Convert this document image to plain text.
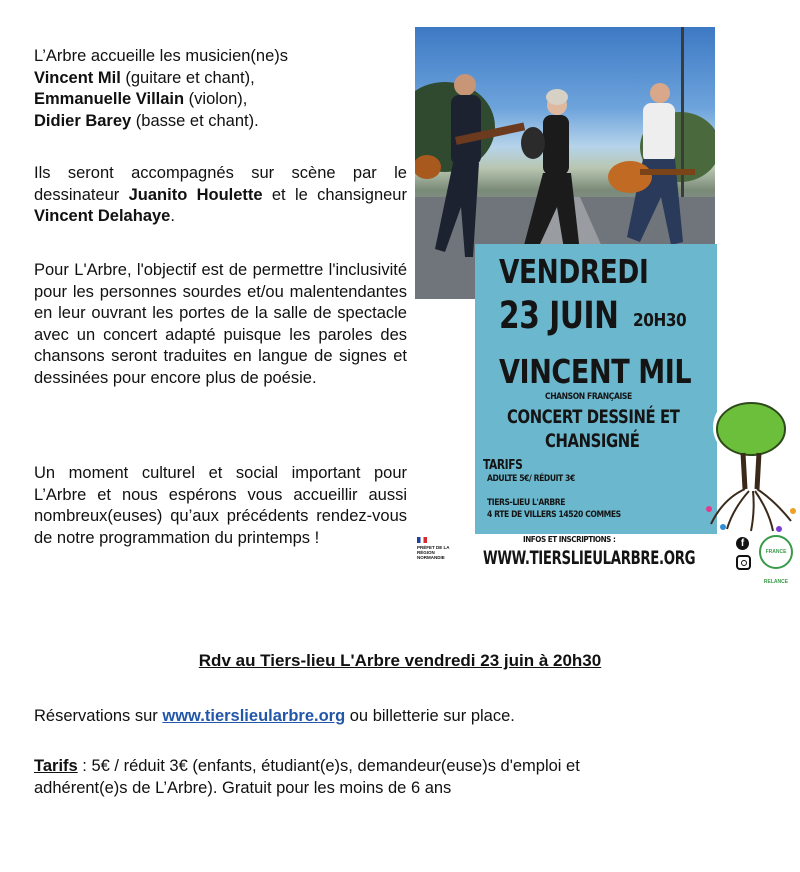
L’Arbre accueille les musicien(ne)s
Vincent Mil (guitare et chant),
Emmanuelle Villain (violon),
Didier Barey (basse et chant).
Ils seront accompagnés sur scène par le dessinateur Juanito Houlette et le chansigneur Vincent Delahaye.
Pour L'Arbre, l'objectif est de permettre l'inclusivité pour les personnes sourdes et/ou malentendantes en leur ouvrant les portes de la salle de spectacle avec un concert adapté puisque les paroles des chansons seront traduites en langue de signes et dessinées pour encore plus de poésie.
Un moment culturel et social important pour L’Arbre et nous espérons vous accueillir aussi nombreux(euses) qu’aux précédents rendez-vous de notre programmation du printemps !
VENDREDI
23 JUIN 20H30
VINCENT MIL
CHANSON FRANÇAISE
CONCERT DESSINÉ ET
CHANSIGNÉ
TARIFS
ADULTE 5€/ RÉDUIT 3€
TIERS-LIEU L'ARBRE
4 RTE DE VILLERS 14520 COMMES
PRÉFET DE LA RÉGION NORMANDIE
INFOS ET INSCRIPTIONS :
WWW.TIERSLIEULARBRE.ORG
f
FRANCE RELANCE
Rdv au Tiers-lieu L'Arbre vendredi 23 juin à 20h30
Réservations sur www.tierslieularbre.org ou billetterie sur place.
Tarifs : 5€ / réduit 3€ (enfants, étudiant(e)s, demandeur(euse)s d'emploi et adhérent(e)s de L’Arbre). Gratuit pour les moins de 6 ans
